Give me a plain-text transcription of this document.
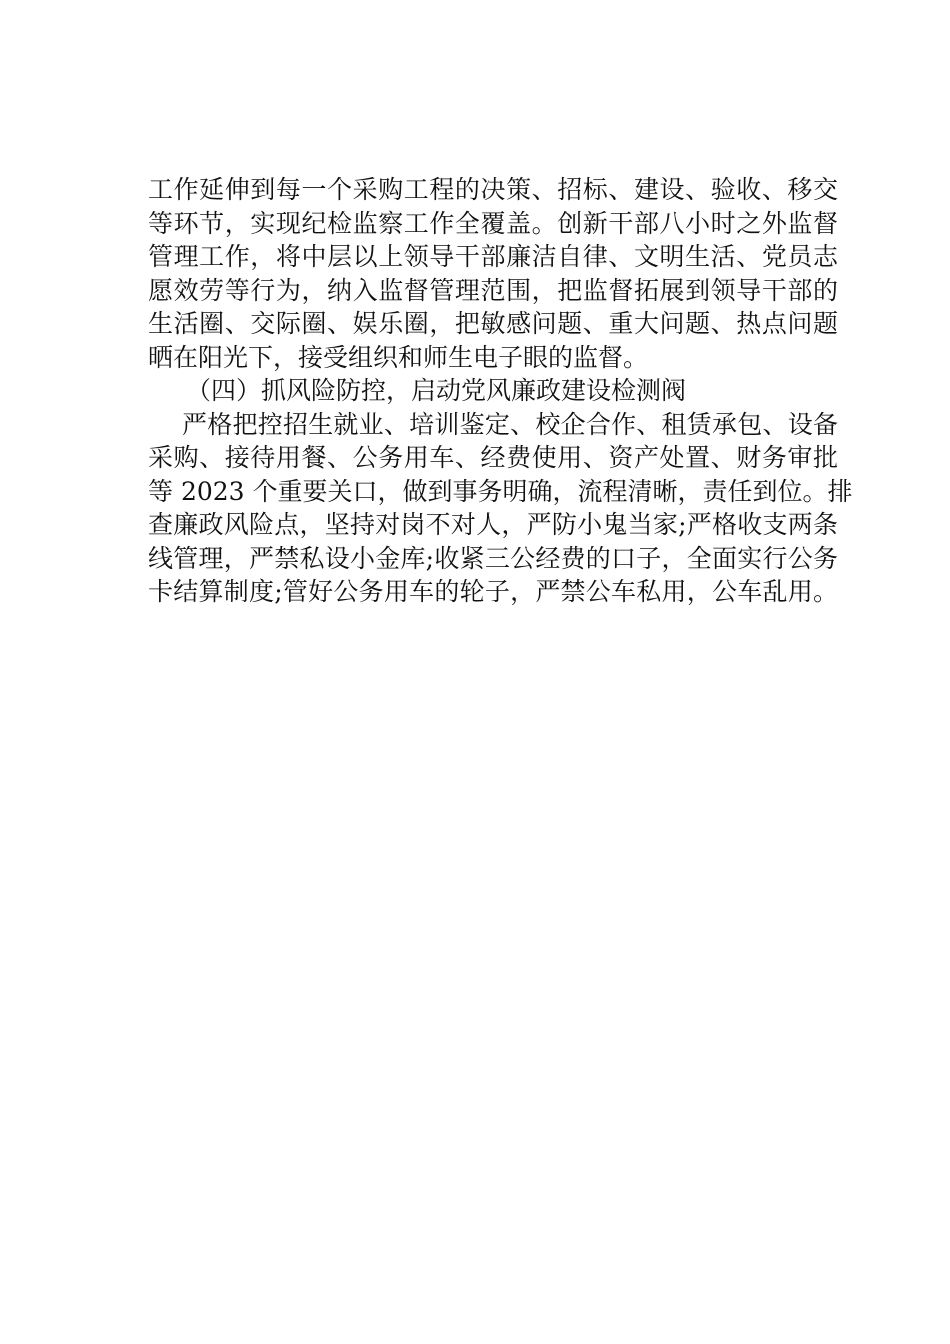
工作延伸到每一个采购工程的决策、招标、建设、验收、移交
等环节，实现纪检监察工作全覆盖。创新干部八小时之外监督
管理工作，将中层以上领导干部廉洁自律、文明生活、党员志
愿效劳等行为，纳入监督管理范围，把监督拓展到领导干部的
生活圈、交际圈、娱乐圈，把敏感问题、重大问题、热点问题
晒在阳光下，接受组织和师生电子眼的监督。
（四）抓风险防控，启动党风廉政建设检测阀
严格把控招生就业、培训鉴定、校企合作、租赁承包、设备
采购、接待用餐、公务用车、经费使用、资产处置、财务审批
等 2023 个重要关口，做到事务明确，流程清晰，责任到位。排
查廉政风险点，坚持对岗不对人，严防小鬼当家;严格收支两条
线管理，严禁私设小金库;收紧三公经费的口子，全面实行公务
卡结算制度;管好公务用车的轮子，严禁公车私用，公车乱用。
